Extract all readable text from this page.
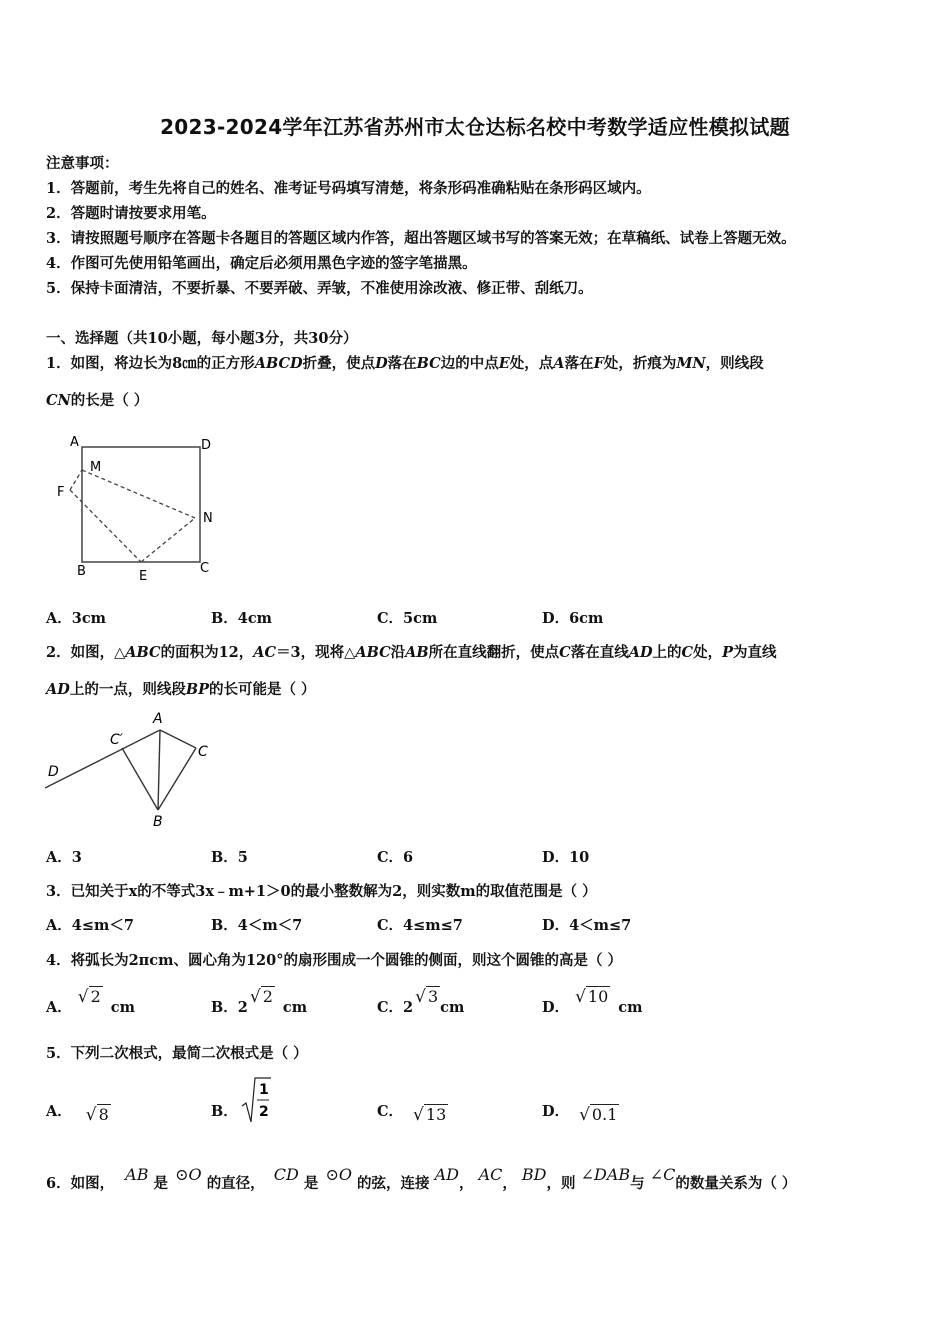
2023-2024学年江苏省苏州市太仓达标名校中考数学适应性模拟试题
注意事项：
1．答题前，考生先将自己的姓名、准考证号码填写清楚，将条形码准确粘贴在条形码区域内。
2．答题时请按要求用笔。
3．请按照题号顺序在答题卡各题目的答题区域内作答，超出答题区域书写的答案无效；在草稿纸、试卷上答题无效。
4．作图可先使用铅笔画出，确定后必须用黑色字迹的签字笔描黑。
5．保持卡面清洁，不要折暴、不要弄破、弄皱，不准使用涂改液、修正带、刮纸刀。
一、选择题（共10小题，每小题3分，共30分）
1．如图，将边长为8㎝的正方形ABCD折叠，使点D落在BC边的中点E处，点A落在F处，折痕为MN，则线段
CN的长是（ ）
A	D
M
F
N
B	E
C
A．3cm	B．4cm	C．5cm	D．6cm
2．如图，△ABC的面积为12，AC＝3，现将△ABC沿AB所在直线翻折，使点C落在直线AD上的C处，P为直线
AD上的一点，则线段BP的长可能是（ ）
A
C′
C
D
B
A．3	B．5	C．6	D．10
3．已知关于x的不等式3x﹣m+1＞0的最小整数解为2，则实数m的取值范围是（ ）
A．4≤m＜7	B．4＜m＜7	C．4≤m≤7	D．4＜m≤7
4．将弧长为2πcm、圆心角为120°的扇形围成一个圆锥的侧面，则这个圆锥的高是（ ）
A．√ 2cm	B．2√ 2cm	C．2√ 3cm	D．√ 10cm
5．下列二次根式，最简二次根式是（ ）
A． √ 8	B．
1
2	C． √ 13	D． √ 0.1
6．如图， AB 是 ⊙O 的直径， CD 是 ⊙O 的弦，连接 AD， AC， BD，则 ∠DAB与 ∠C的数量关系为（ ）
